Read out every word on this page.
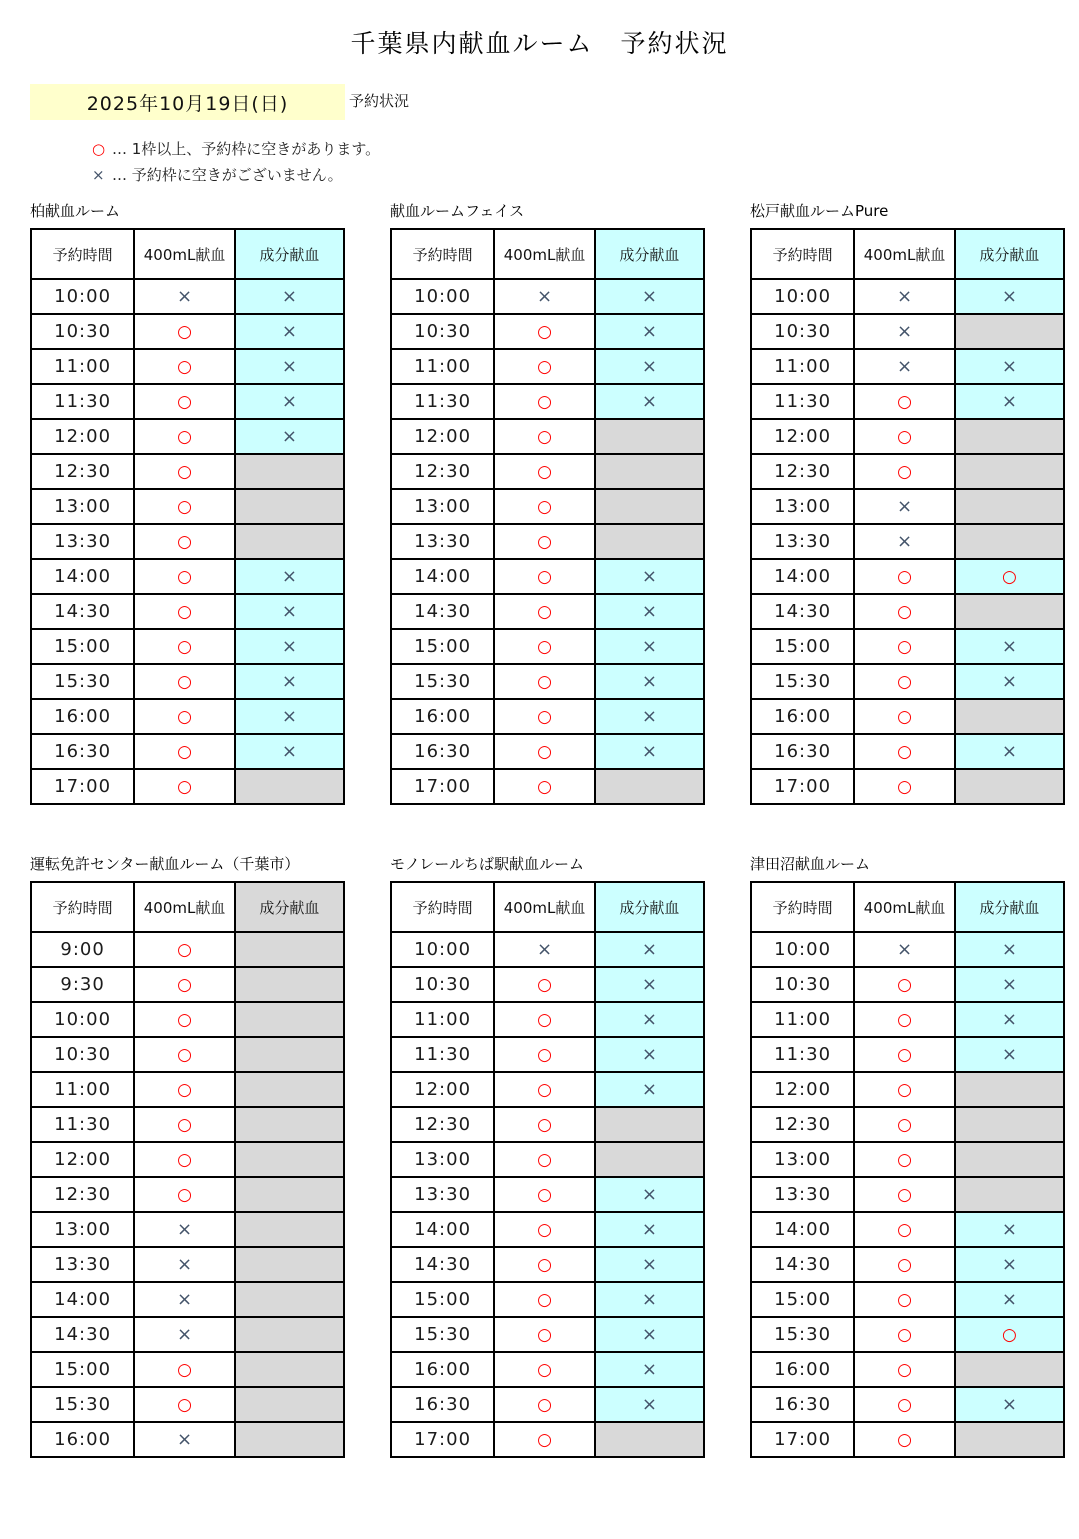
千葉県内献血ルーム　予約状況
2025年10月19日(日)	予約状況
○ … 1枠以上、予約枠に空きがあります。
× … 予約枠に空きがございません。
柏献血ルーム
予約時間	400mL献血	成分献血
10:00	×	×
10:30	○	×
11:00	○	×
11:30	○	×
12:00	○	×
12:30	○	
13:00	○	
13:30	○	
14:00	○	×
14:30	○	×
15:00	○	×
15:30	○	×
16:00	○	×
16:30	○	×
17:00	○	
献血ルームフェイス
予約時間	400mL献血	成分献血
10:00	×	×
10:30	○	×
11:00	○	×
11:30	○	×
12:00	○	
12:30	○	
13:00	○	
13:30	○	
14:00	○	×
14:30	○	×
15:00	○	×
15:30	○	×
16:00	○	×
16:30	○	×
17:00	○	
松戸献血ルームPure
予約時間	400mL献血	成分献血
10:00	×	×
10:30	×	
11:00	×	×
11:30	○	×
12:00	○	
12:30	○	
13:00	×	
13:30	×	
14:00	○	○
14:30	○	
15:00	○	×
15:30	○	×
16:00	○	
16:30	○	×
17:00	○	
運転免許センター献血ルーム（千葉市）
予約時間	400mL献血	成分献血
9:00	○	
9:30	○	
10:00	○	
10:30	○	
11:00	○	
11:30	○	
12:00	○	
12:30	○	
13:00	×	
13:30	×	
14:00	×	
14:30	×	
15:00	○	
15:30	○	
16:00	×	
モノレールちば駅献血ルーム
予約時間	400mL献血	成分献血
10:00	×	×
10:30	○	×
11:00	○	×
11:30	○	×
12:00	○	×
12:30	○	
13:00	○	
13:30	○	×
14:00	○	×
14:30	○	×
15:00	○	×
15:30	○	×
16:00	○	×
16:30	○	×
17:00	○	
津田沼献血ルーム
予約時間	400mL献血	成分献血
10:00	×	×
10:30	○	×
11:00	○	×
11:30	○	×
12:00	○	
12:30	○	
13:00	○	
13:30	○	
14:00	○	×
14:30	○	×
15:00	○	×
15:30	○	○
16:00	○	
16:30	○	×
17:00	○	
